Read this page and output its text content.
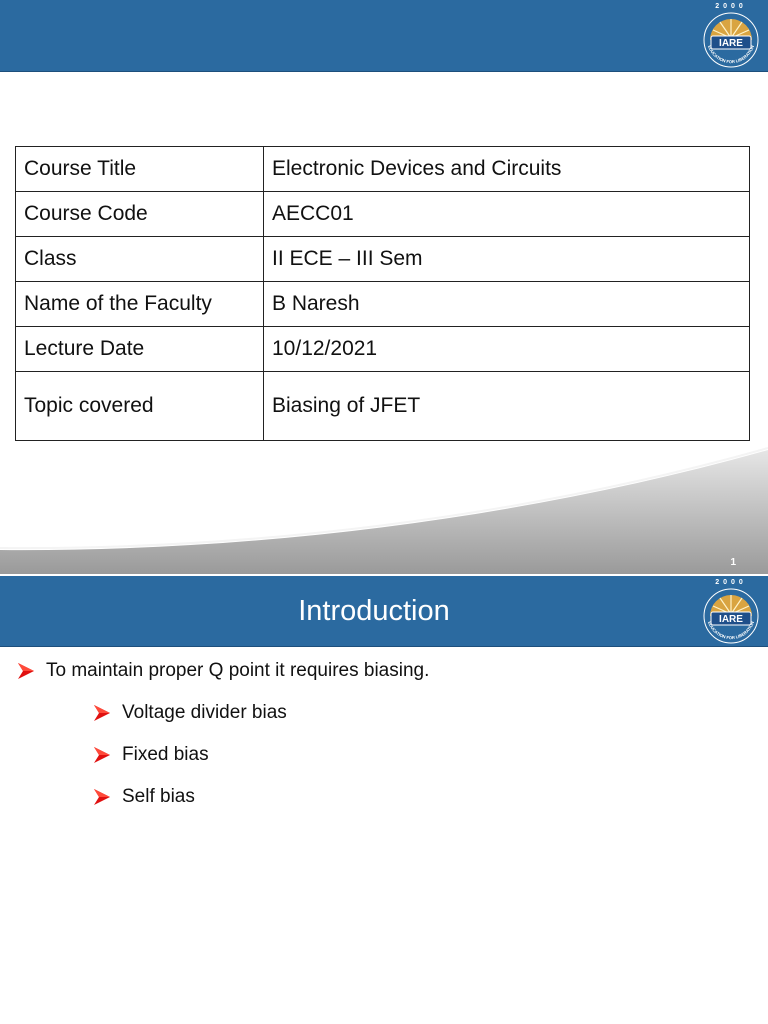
2000
IARE
EDUCATION FOR LIBERATION
Course Title	Electronic Devices and Circuits
Course Code	AECC01
Class	II ECE – III Sem
Name of the Faculty	B Naresh
Lecture Date	10/12/2021
Topic covered	Biasing of JFET
1
Introduction
2000
IARE
EDUCATION FOR LIBERATION
To maintain proper Q point it requires biasing.
Voltage divider bias
Fixed bias
Self bias
